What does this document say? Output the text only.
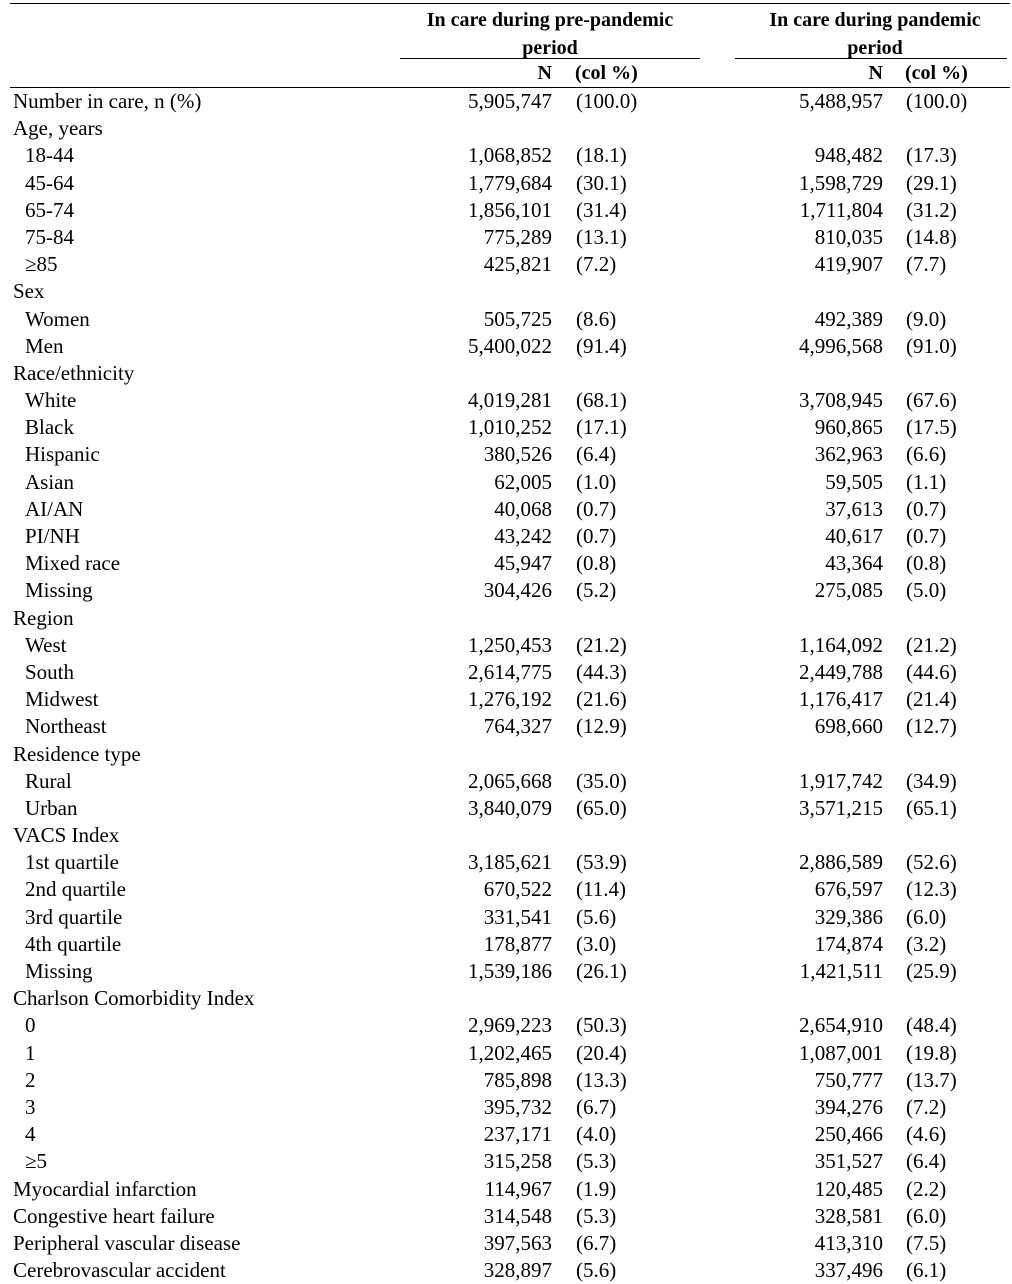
In care during pre-pandemic period
In care during pandemic period
N (col %)	N (col %)
Number in care, n (%)	5,905,747 (100.0)	5,488,957 (100.0)
Age, years
18-44	1,068,852 (18.1)	948,482 (17.3)
45-64	1,779,684 (30.1)	1,598,729 (29.1)
65-74	1,856,101 (31.4)	1,711,804 (31.2)
75-84	775,289 (13.1)	810,035 (14.8)
≥85	425,821 (7.2)	419,907 (7.7)
Sex
Women	505,725 (8.6)	492,389 (9.0)
Men	5,400,022 (91.4)	4,996,568 (91.0)
Race/ethnicity
White	4,019,281 (68.1)	3,708,945 (67.6)
Black	1,010,252 (17.1)	960,865 (17.5)
Hispanic	380,526 (6.4)	362,963 (6.6)
Asian	62,005 (1.0)	59,505 (1.1)
AI/AN	40,068 (0.7)	37,613 (0.7)
PI/NH	43,242 (0.7)	40,617 (0.7)
Mixed race	45,947 (0.8)	43,364 (0.8)
Missing	304,426 (5.2)	275,085 (5.0)
Region
West	1,250,453 (21.2)	1,164,092 (21.2)
South	2,614,775 (44.3)	2,449,788 (44.6)
Midwest	1,276,192 (21.6)	1,176,417 (21.4)
Northeast	764,327 (12.9)	698,660 (12.7)
Residence type
Rural	2,065,668 (35.0)	1,917,742 (34.9)
Urban	3,840,079 (65.0)	3,571,215 (65.1)
VACS Index
1st quartile	3,185,621 (53.9)	2,886,589 (52.6)
2nd quartile	670,522 (11.4)	676,597 (12.3)
3rd quartile	331,541 (5.6)	329,386 (6.0)
4th quartile	178,877 (3.0)	174,874 (3.2)
Missing	1,539,186 (26.1)	1,421,511 (25.9)
Charlson Comorbidity Index
0	2,969,223 (50.3)	2,654,910 (48.4)
1	1,202,465 (20.4)	1,087,001 (19.8)
2	785,898 (13.3)	750,777 (13.7)
3	395,732 (6.7)	394,276 (7.2)
4	237,171 (4.0)	250,466 (4.6)
≥5	315,258 (5.3)	351,527 (6.4)
Myocardial infarction	114,967 (1.9)	120,485 (2.2)
Congestive heart failure	314,548 (5.3)	328,581 (6.0)
Peripheral vascular disease	397,563 (6.7)	413,310 (7.5)
Cerebrovascular accident	328,897 (5.6)	337,496 (6.1)
